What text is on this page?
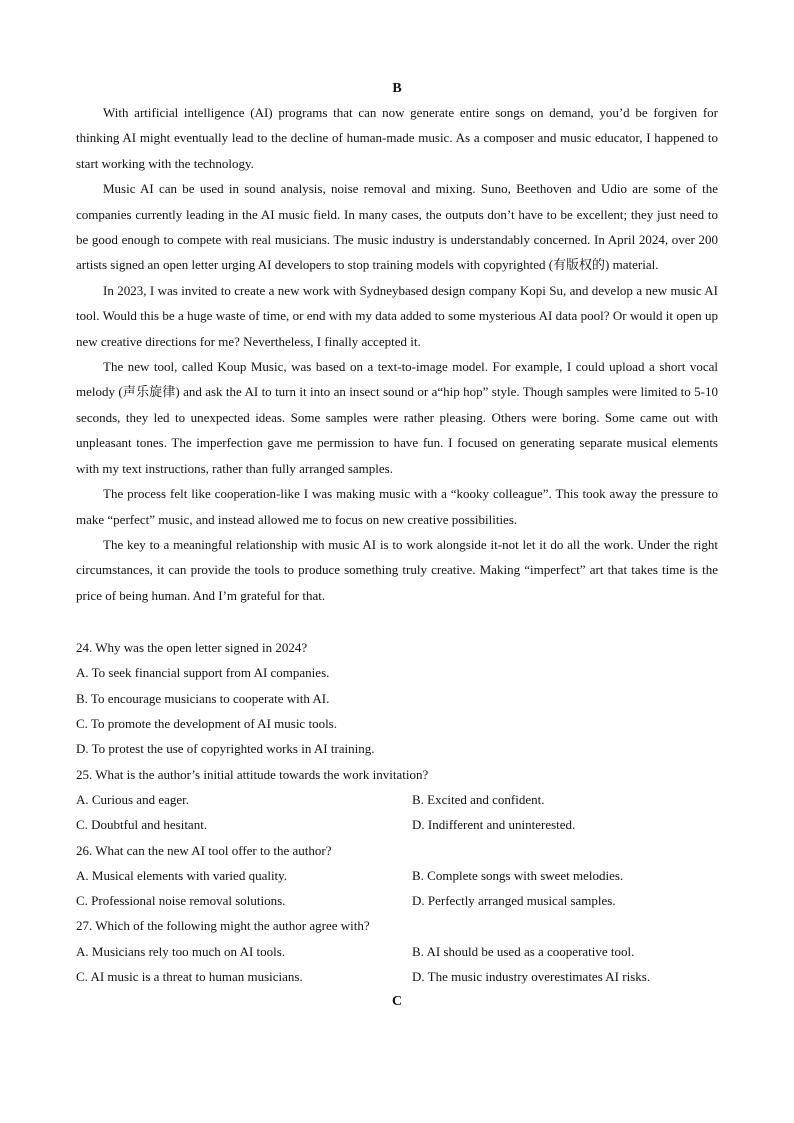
B

With artificial intelligence (AI) programs that can now generate entire songs on demand, you’d be forgiven for thinking AI might eventually lead to the decline of human-made music. As a composer and music educator, I happened to start working with the technology.

Music AI can be used in sound analysis, noise removal and mixing. Suno, Beethoven and Udio are some of the companies currently leading in the AI music field. In many cases, the outputs don’t have to be excellent; they just need to be good enough to compete with real musicians. The music industry is understandably concerned. In April 2024, over 200 artists signed an open letter urging AI developers to stop training models with copyrighted (有版权的) material.

In 2023, I was invited to create a new work with Sydneybased design company Kopi Su, and develop a new music AI tool. Would this be a huge waste of time, or end with my data added to some mysterious AI data pool? Or would it open up new creative directions for me? Nevertheless, I finally accepted it.

The new tool, called Koup Music, was based on a text-to-image model. For example, I could upload a short vocal melody (声乐旋律) and ask the AI to turn it into an insect sound or a“hip hop” style. Though samples were limited to 5-10 seconds, they led to unexpected ideas. Some samples were rather pleasing. Others were boring. Some came out with unpleasant tones. The imperfection gave me permission to have fun. I focused on generating separate musical elements with my text instructions, rather than fully arranged samples.

The process felt like cooperation-like I was making music with a “kooky colleague”. This took away the pressure to make “perfect” music, and instead allowed me to focus on new creative possibilities.

The key to a meaningful relationship with music AI is to work alongside it-not let it do all the work. Under the right circumstances, it can provide the tools to produce something truly creative. Making “imperfect” art that takes time is the price of being human. And I’m grateful for that.

24. Why was the open letter signed in 2024?

A. To seek financial support from AI companies.

B. To encourage musicians to cooperate with AI.

C. To promote the development of AI music tools.

D. To protest the use of copyrighted works in AI training.

25. What is the author’s initial attitude towards the work invitation?

A. Curious and eager.	B. Excited and confident.
C. Doubtful and hesitant.	D. Indifferent and uninterested.

26. What can the new AI tool offer to the author?

A. Musical elements with varied quality.	B. Complete songs with sweet melodies.
C. Professional noise removal solutions.	D. Perfectly arranged musical samples.

27. Which of the following might the author agree with?

A. Musicians rely too much on AI tools.	B. AI should be used as a cooperative tool.
C. AI music is a threat to human musicians.	D. The music industry overestimates AI risks.
C
